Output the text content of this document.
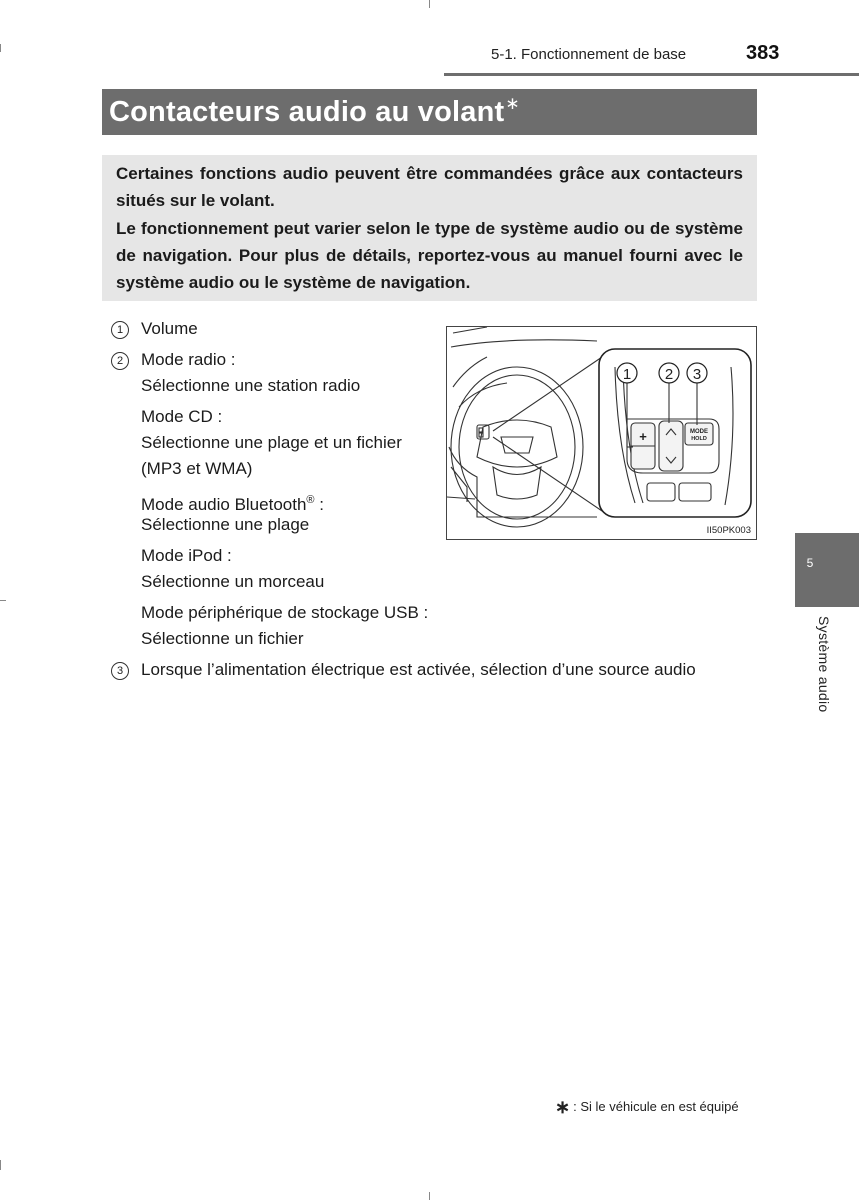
5-1. Fonctionnement de base	383
Contacteurs audio au volant∗

Certaines fonctions audio peuvent être commandées grâce aux contacteurs situés sur le volant.

Le fonctionnement peut varier selon le type de système audio ou de système de navigation. Pour plus de détails, reportez-vous au manuel fourni avec le système audio ou le système de navigation.

1	Volume
2	Mode radio :
Sélectionne une station radio
Mode CD :
Sélectionne une plage et un fichier
(MP3 et WMA)
Mode audio Bluetooth® :
Sélectionne une plage
Mode iPod :
Sélectionne un morceau
Mode périphérique de stockage USB :
Sélectionne un fichier
3	Lorsque l’alimentation électrique est activée, sélection d’une source audio
1 2 3
+	MODE
HOLD
II50PK003
5
Système audio
∗ : Si le véhicule en est équipé
